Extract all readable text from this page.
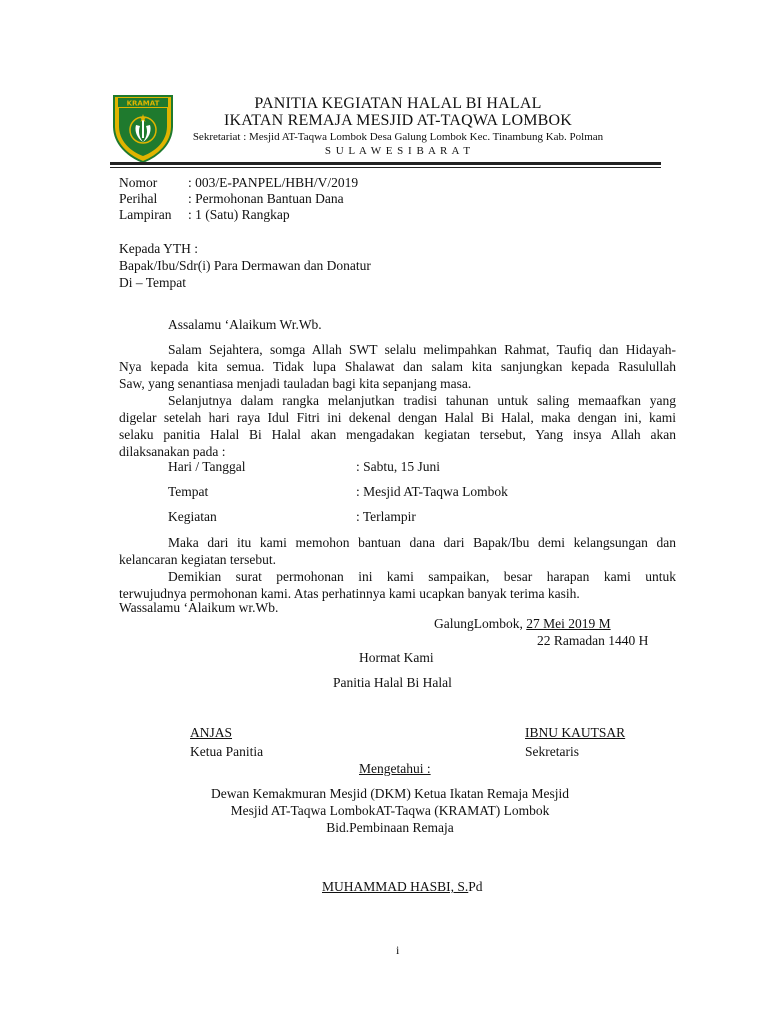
KRAMAT	PANITIA KEGIATAN HALAL BI HALAL
IKATAN REMAJA MESJID AT-TAQWA LOMBOK
Sekretariat : Mesjid AT-Taqwa Lombok Desa Galung Lombok Kec. Tinambung Kab. Polman
S U L A W E S I B A R A T
Nomor : 003/E-PANPEL/HBH/V/2019
Perihal : Permohonan Bantuan Dana
Lampiran : 1 (Satu) Rangkap
Kepada YTH :
Bapak/Ibu/Sdr(i) Para Dermawan dan Donatur
Di – Tempat
Assalamu ‘Alaikum Wr.Wb.
Salam Sejahtera, somga Allah SWT selalu melimpahkan Rahmat, Taufiq dan Hidayah-
Nya kepada kita semua. Tidak lupa Shalawat dan salam kita sanjungkan kepada Rasulullah
Saw, yang senantiasa menjadi tauladan bagi kita sepanjang masa.
Selanjutnya dalam rangka melanjutkan tradisi tahunan untuk saling memaafkan yang
digelar setelah hari raya Idul Fitri ini dekenal dengan Halal Bi Halal, maka dengan ini, kami
selaku panitia Halal Bi Halal akan mengadakan kegiatan tersebut, Yang insya Allah akan
dilaksanakan pada :
Hari / Tanggal	: Sabtu, 15 Juni
Tempat	: Mesjid AT-Taqwa Lombok
Kegiatan	: Terlampir
Maka dari itu kami memohon bantuan dana dari Bapak/Ibu demi kelangsungan dan
kelancaran kegiatan tersebut.
Demikian surat permohonan ini kami sampaikan, besar harapan kami untuk
terwujudnya permohonan kami. Atas perhatinnya kami ucapkan banyak terima kasih.
Wassalamu ‘Alaikum wr.Wb.
GalungLombok, 27 Mei 2019 M
22 Ramadan 1440 H
Hormat Kami
Panitia Halal Bi Halal
ANJAS
Ketua Panitia
IBNU KAUTSAR
Sekretaris
Mengetahui :
Dewan Kemakmuran Mesjid (DKM) Ketua Ikatan Remaja Mesjid
Mesjid AT-Taqwa LombokAT-Taqwa (KRAMAT) Lombok
Bid.Pembinaan Remaja
MUHAMMAD HASBI, S.Pd
i
